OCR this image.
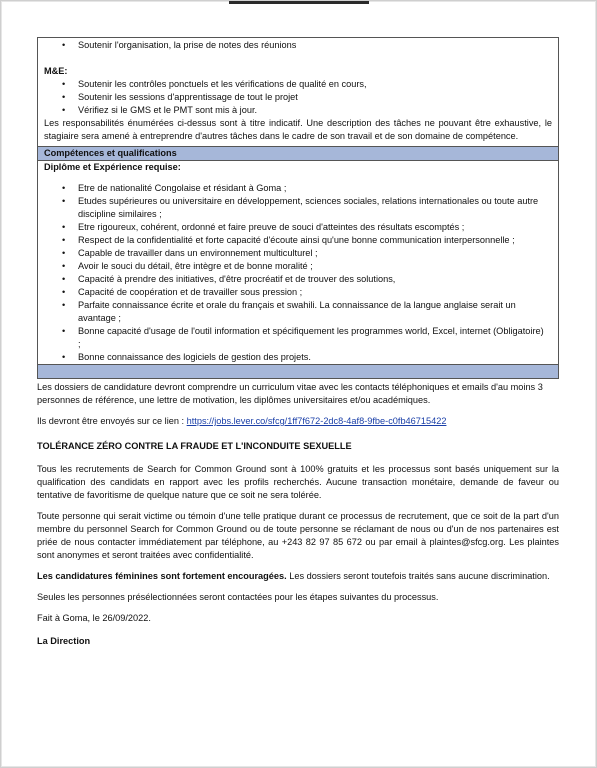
• Soutenir l'organisation, la prise de notes des réunions
M&E:
• Soutenir les contrôles ponctuels et les vérifications de qualité en cours,
• Soutenir les sessions d'apprentissage de tout le projet
• Vérifiez si le GMS et le PMT sont mis à jour.
Les responsabilités énumérées ci-dessus sont à titre indicatif. Une description des tâches ne pouvant être exhaustive, le stagiaire sera amené à entreprendre d'autres tâches dans le cadre de son travail et de son domaine de compétence.
Compétences et qualifications
Diplôme et Expérience requise:
• Etre de nationalité Congolaise et résidant à Goma ;
• Etudes supérieures ou universitaire en développement, sciences sociales, relations internationales ou toute autre discipline similaires ;
• Etre rigoureux, cohérent, ordonné et faire preuve de souci d'atteintes des résultats escomptés ;
• Respect de la confidentialité et forte capacité d'écoute ainsi qu'une bonne communication interpersonnelle ;
• Capable de travailler dans un environnement multiculturel ;
• Avoir le souci du détail, être intègre et de bonne moralité ;
• Capacité à prendre des initiatives, d'être procréatif et de trouver des solutions,
• Capacité de coopération et de travailler sous pression ;
• Parfaite connaissance écrite et orale du français et swahili. La connaissance de la langue anglaise serait un avantage ;
• Bonne capacité d'usage de l'outil information et spécifiquement les programmes world, Excel, internet (Obligatoire) ;
• Bonne connaissance des logiciels de gestion des projets.
Les dossiers de candidature devront comprendre un curriculum vitae avec les contacts téléphoniques et emails d'au moins 3 personnes de référence, une lettre de motivation, les diplômes universitaires et/ou académiques.
Ils devront être envoyés sur ce lien : https://jobs.lever.co/sfcg/1ff7f672-2dc8-4af8-9fbe-c0fb46715422
TOLÉRANCE ZÉRO CONTRE LA FRAUDE ET L'INCONDUITE SEXUELLE
Tous les recrutements de Search for Common Ground sont à 100% gratuits et les processus sont basés uniquement sur la qualification des candidats en rapport avec les profils recherchés. Aucune transaction monétaire, demande de faveur ou tentative de favoritisme de quelque nature que ce soit ne sera tolérée.
Toute personne qui serait victime ou témoin d'une telle pratique durant ce processus de recrutement, que ce soit de la part d'un membre du personnel Search for Common Ground ou de toute personne se réclamant de nous ou d'un de nos partenaires est priée de nous contacter immédiatement par téléphone, au +243 82 97 85 672 ou par email à plaintes@sfcg.org. Les plaintes sont anonymes et seront traitées avec confidentialité.
Les candidatures féminines sont fortement encouragées. Les dossiers seront toutefois traités sans aucune discrimination.
Seules les personnes présélectionnées seront contactées pour les étapes suivantes du processus.
Fait à Goma, le 26/09/2022.
La Direction
